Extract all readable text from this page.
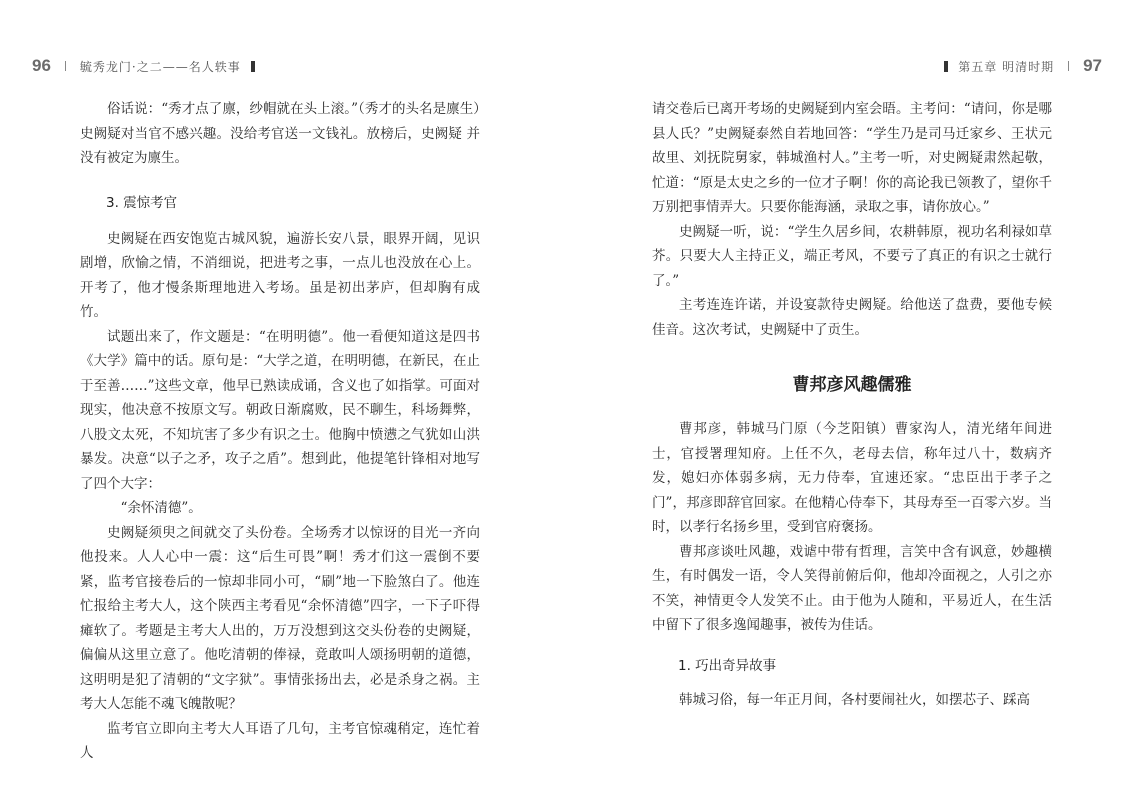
96 毓秀龙门·之二——名人轶事

俗话说：“秀才点了廪，纱帽就在头上滚。”（秀才的头名是廪生）史阙疑对当官不感兴趣。没给考官送一文钱礼。放榜后，史阙疑 并没有被定为廪生。

3. 震惊考官

史阙疑在西安饱览古城风貌，遍游长安八景，眼界开阔，见识剧增，欣愉之情，不消细说，把进考之事，一点儿也没放在心上。开考了，他才慢条斯理地进入考场。虽是初出茅庐，但却胸有成竹。

试题出来了，作文题是：“在明明德”。他一看便知道这是四书《大学》篇中的话。原句是：“大学之道，在明明德，在新民，在止于至善……”这些文章，他早已熟读成诵，含义也了如指掌。可面对现实，他决意不按原文写。朝政日渐腐败，民不聊生，科场舞弊，八股文太死，不知坑害了多少有识之士。他胸中愤懑之气犹如山洪暴发。决意“以子之矛，攻子之盾”。想到此，他提笔针锋相对地写了四个大字：

“余怀清德”。

史阙疑须臾之间就交了头份卷。全场秀才以惊讶的目光一齐向他投来。人人心中一震：这“后生可畏”啊！秀才们这一震倒不要紧，监考官接卷后的一惊却非同小可，“刷”地一下脸煞白了。他连忙报给主考大人，这个陕西主考看见“余怀清德”四字，一下子吓得瘫软了。考题是主考大人出的，万万没想到这交头份卷的史阙疑，偏偏从这里立意了。他吃清朝的俸禄，竟敢叫人颂扬明朝的道德，这明明是犯了清朝的“文字狱”。事情张扬出去，必是杀身之祸。主考大人怎能不魂飞魄散呢？

监考官立即向主考大人耳语了几句，主考官惊魂稍定，连忙着人

第五章 明清时期 97

请交卷后已离开考场的史阙疑到内室会晤。主考问：“请问，你是哪县人氏？”史阙疑泰然自若地回答：“学生乃是司马迁家乡、王状元故里、刘抚院舅家，韩城渔村人。”主考一听，对史阙疑肃然起敬，忙道：“原是太史之乡的一位才子啊！你的高论我已领教了，望你千万别把事情弄大。只要你能海涵，录取之事，请你放心。”

史阙疑一听，说：“学生久居乡间，农耕韩原，视功名利禄如草芥。只要大人主持正义，端正考风，不要亏了真正的有识之士就行了。”

主考连连许诺，并设宴款待史阙疑。给他送了盘费，要他专候佳音。这次考试，史阙疑中了贡生。

曹邦彦风趣儒雅

曹邦彦，韩城马门原（今芝阳镇）曹家沟人，清光绪年间进士，官授署理知府。上任不久，老母去信，称年过八十，数病齐发，媳妇亦体弱多病，无力侍奉，宜速还家。“忠臣出于孝子之门”，邦彦即辞官回家。在他精心侍奉下，其母寿至一百零六岁。当时，以孝行名扬乡里，受到官府褒扬。

曹邦彦谈吐风趣，戏谑中带有哲理，言笑中含有讽意，妙趣横生，有时偶发一语，令人笑得前俯后仰，他却冷面视之，人引之亦不笑，神情更令人发笑不止。由于他为人随和，平易近人，在生活中留下了很多逸闻趣事，被传为佳话。

1. 巧出奇异故事

韩城习俗，每一年正月间，各村要闹社火，如摆芯子、踩高
